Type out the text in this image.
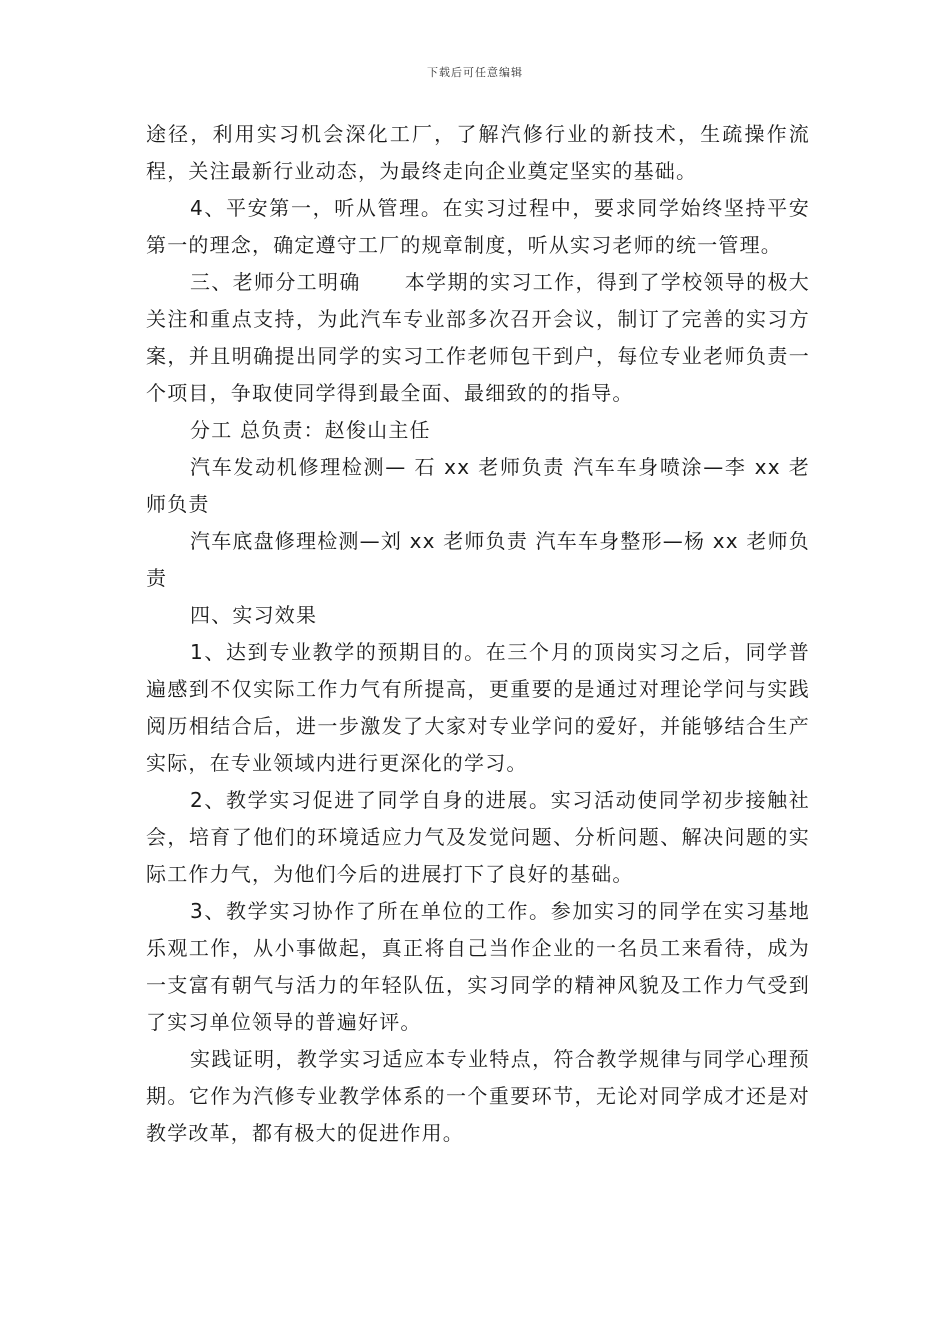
下载后可任意编辑

途径，利用实习机会深化工厂，了解汽修行业的新技术，生疏操作流程，关注最新行业动态，为最终走向企业奠定坚实的基础。

4、平安第一，听从管理。在实习过程中，要求同学始终坚持平安第一的理念，确定遵守工厂的规章制度，听从实习老师的统一管理。

三、老师分工明确 本学期的实习工作，得到了学校领导的极大关注和重点支持，为此汽车专业部多次召开会议，制订了完善的实习方案，并且明确提出同学的实习工作老师包干到户，每位专业老师负责一个项目，争取使同学得到最全面、最细致的的指导。

分工 总负责：赵俊山主任

汽车发动机修理检测— 石 xx 老师负责 汽车车身喷涂—李 xx 老师负责

汽车底盘修理检测—刘 xx 老师负责 汽车车身整形—杨 xx 老师负责

四、实习效果

1、达到专业教学的预期目的。在三个月的顶岗实习之后，同学普遍感到不仅实际工作力气有所提高，更重要的是通过对理论学问与实践阅历相结合后，进一步激发了大家对专业学问的爱好，并能够结合生产实际，在专业领域内进行更深化的学习。

2、教学实习促进了同学自身的进展。实习活动使同学初步接触社会，培育了他们的环境适应力气及发觉问题、分析问题、解决问题的实际工作力气，为他们今后的进展打下了良好的基础。

3、教学实习协作了所在单位的工作。参加实习的同学在实习基地乐观工作，从小事做起，真正将自己当作企业的一名员工来看待，成为一支富有朝气与活力的年轻队伍，实习同学的精神风貌及工作力气受到了实习单位领导的普遍好评。

实践证明，教学实习适应本专业特点，符合教学规律与同学心理预期。它作为汽修专业教学体系的一个重要环节，无论对同学成才还是对教学改革，都有极大的促进作用。
